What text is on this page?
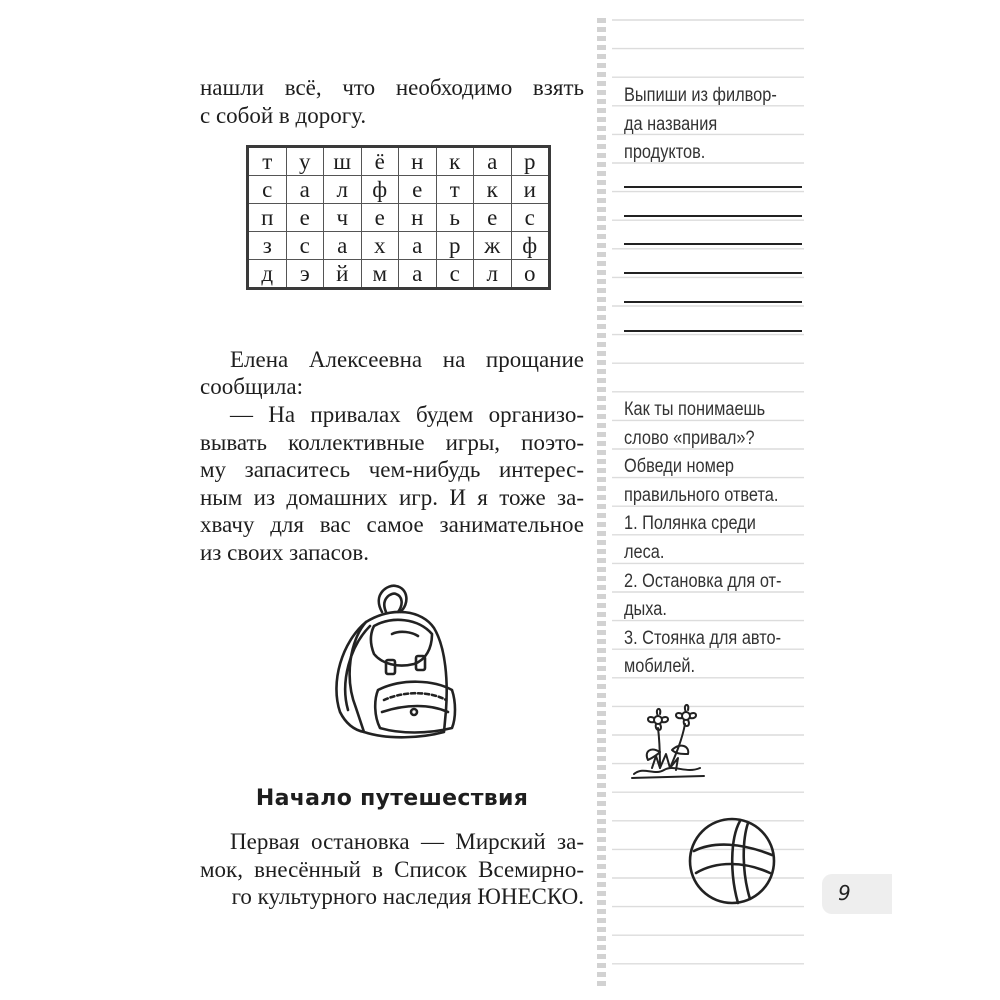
нашли всё, что необходимо взять
с собой в дорогу.

т	у	ш	ё	н	к	а	р
с	а	л	ф	е	т	к	и
п	е	ч	е	н	ь	е	с
з	с	а	х	а	р	ж	ф
д	э	й	м	а	с	л	о

Елена Алексеевна на прощание

сообщила:

— На привалах будем организо-
вывать коллективные игры, поэто-
му запаситесь чем-нибудь интерес-
ным из домашних игр. И я тоже за-
хвачу для вас самое занимательное
из своих запасов.

Начало путешествия

Первая остановка — Мирский за-
мок, внесённый в Список Всемирно-
го культурного наследия ЮНЕСКО.

Выпиши из филвор-
да названия
продуктов.
Как ты понимаешь
слово «привал»?
Обведи номер
правильного ответа.
1. Полянка среди
леса.
2. Остановка для от-
дыха.
3. Стоянка для авто-
мобилей.
9
